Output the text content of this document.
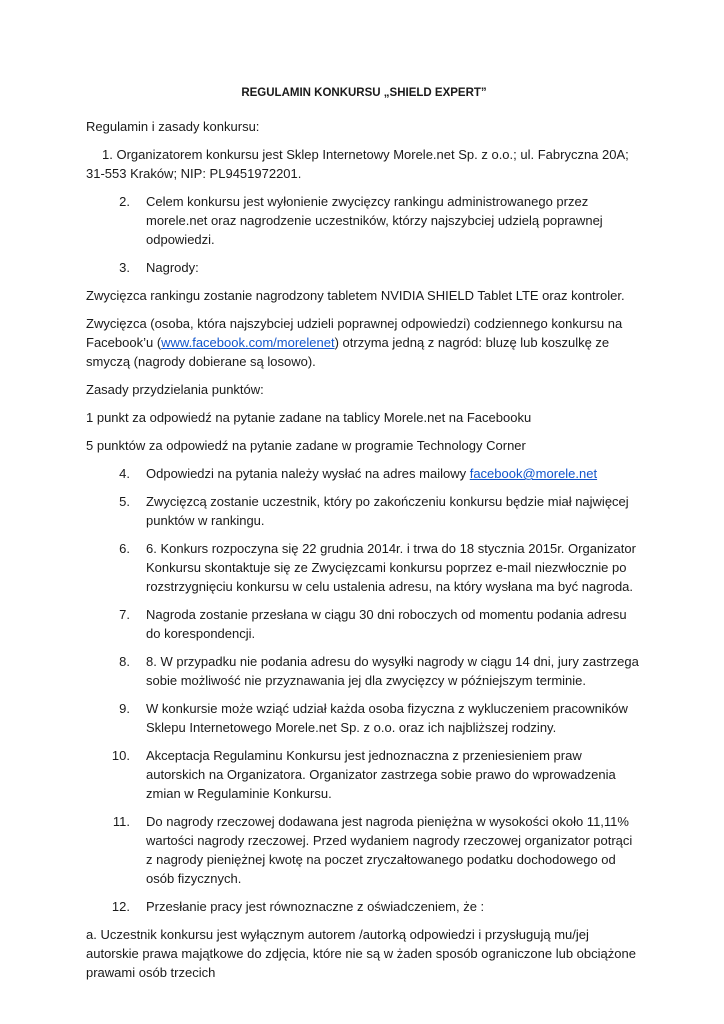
REGULAMIN KONKURSU „SHIELD EXPERT”

Regulamin i zasady konkursu:

1. Organizatorem konkursu jest Sklep Internetowy Morele.net Sp. z o.o.; ul. Fabryczna 20A; 31-553 Kraków; NIP: PL9451972201.

2.	Celem konkursu jest wyłonienie zwycięzcy rankingu administrowanego przez morele.net oraz nagrodzenie uczestników, którzy najszybciej udzielą poprawnej odpowiedzi.
3.	Nagrody:

Zwycięzca rankingu zostanie nagrodzony tabletem NVIDIA SHIELD Tablet LTE oraz kontroler.

Zwycięzca (osoba, która najszybciej udzieli poprawnej odpowiedzi) codziennego konkursu na Facebook’u (www.facebook.com/morelenet) otrzyma jedną z nagród: bluzę lub koszulkę ze smyczą (nagrody dobierane są losowo).

Zasady przydzielania punktów:

1 punkt za odpowiedź na pytanie zadane na tablicy Morele.net na Facebooku

5 punktów za odpowiedź na pytanie zadane w programie Technology Corner

4.	Odpowiedzi na pytania należy wysłać na adres mailowy facebook@morele.net
5.	Zwycięzcą zostanie uczestnik, który po zakończeniu konkursu będzie miał najwięcej punktów w rankingu.
6.	6. Konkurs rozpoczyna się 22 grudnia 2014r. i trwa do 18 stycznia 2015r. Organizator Konkursu skontaktuje się ze Zwycięzcami konkursu poprzez e-mail niezwłocznie po rozstrzygnięciu konkursu w celu ustalenia adresu, na który wysłana ma być nagroda.
7.	Nagroda zostanie przesłana w ciągu 30 dni roboczych od momentu podania adresu do korespondencji.
8.	8. W przypadku nie podania adresu do wysyłki nagrody w ciągu 14 dni, jury zastrzega sobie możliwość nie przyznawania jej dla zwycięzcy w późniejszym terminie.
9.	W konkursie może wziąć udział każda osoba fizyczna z wykluczeniem pracowników Sklepu Internetowego Morele.net Sp. z o.o. oraz ich najbliższej rodziny.
10.	Akceptacja Regulaminu Konkursu jest jednoznaczna z przeniesieniem praw autorskich na Organizatora. Organizator zastrzega sobie prawo do wprowadzenia zmian w Regulaminie Konkursu.
11.	Do nagrody rzeczowej dodawana jest nagroda pieniężna w wysokości około 11,11% wartości nagrody rzeczowej. Przed wydaniem nagrody rzeczowej organizator potrąci z nagrody pieniężnej kwotę na poczet zryczałtowanego podatku dochodowego od osób fizycznych.
12.	Przesłanie pracy jest równoznaczne z oświadczeniem, że :

a. Uczestnik konkursu jest wyłącznym autorem /autorką odpowiedzi i przysługują mu/jej autorskie prawa majątkowe do zdjęcia, które nie są w żaden sposób ograniczone lub obciążone prawami osób trzecich
